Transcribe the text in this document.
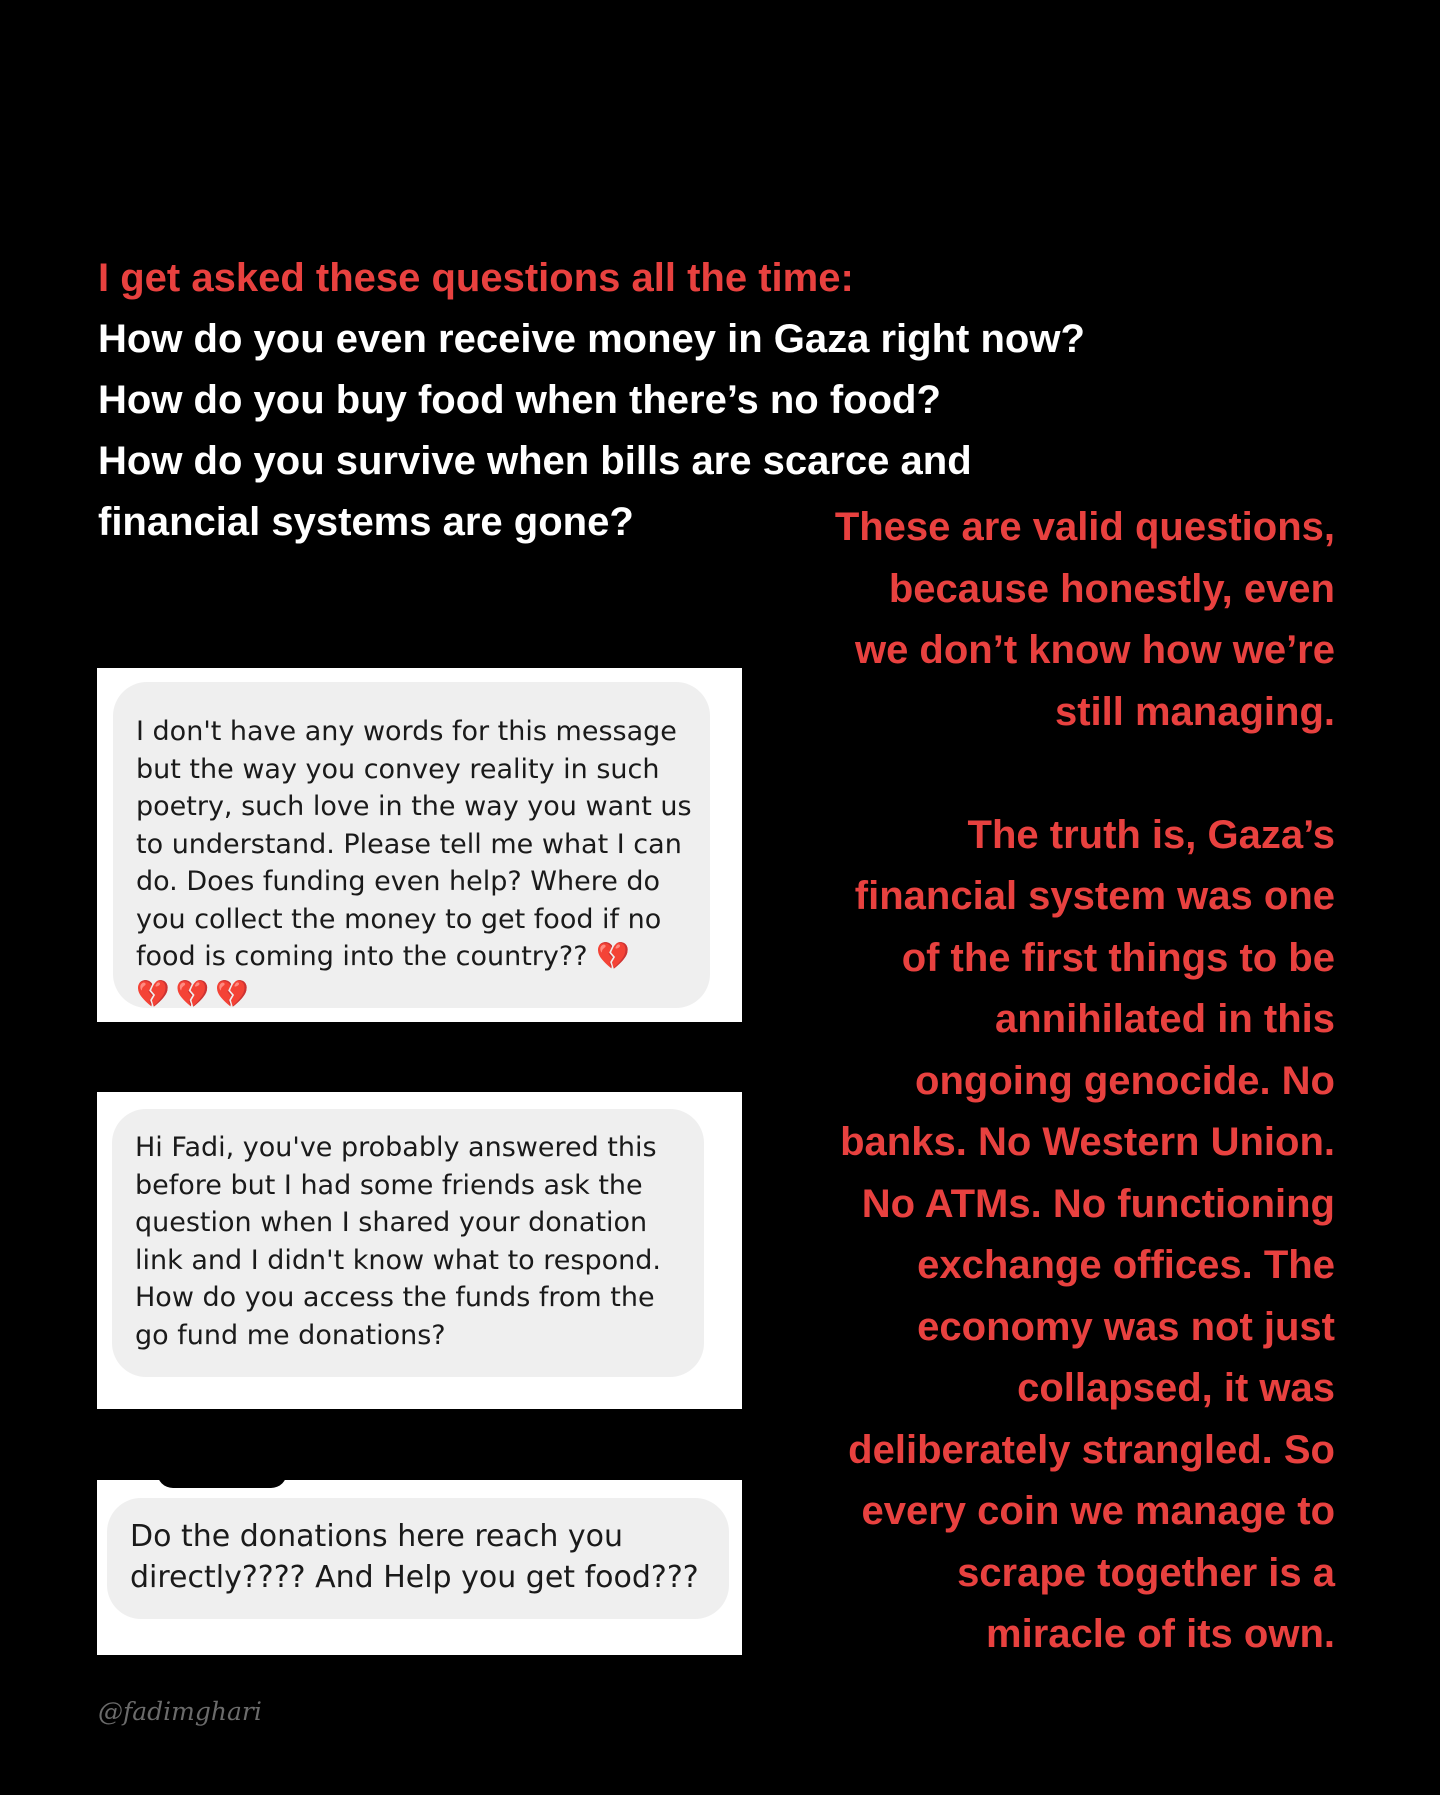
I get asked these questions all the time:
How do you even receive money in Gaza right now?
How do you buy food when there’s no food?
How do you survive when bills are scarce and
financial systems are gone?
I don't have any words for this message
but the way you convey reality in such
poetry, such love in the way you want us
to understand. Please tell me what I can
do. Does funding even help? Where do
you collect the money to get food if no
food is coming into the country?? 💔
💔💔💔
Hi Fadi, you've probably answered this
before but I had some friends ask the
question when I shared your donation
link and I didn't know what to respond.
How do you access the funds from the
go fund me donations?
Do the donations here reach you
directly???? And Help you get food???
These are valid questions,
because honestly, even
we don’t know how we’re
still managing.
The truth is, Gaza’s
financial system was one
of the first things to be
annihilated in this
ongoing genocide. No
banks. No Western Union.
No ATMs. No functioning
exchange offices. The
economy was not just
collapsed, it was
deliberately strangled. So
every coin we manage to
scrape together is a
miracle of its own.
@fadimghari
